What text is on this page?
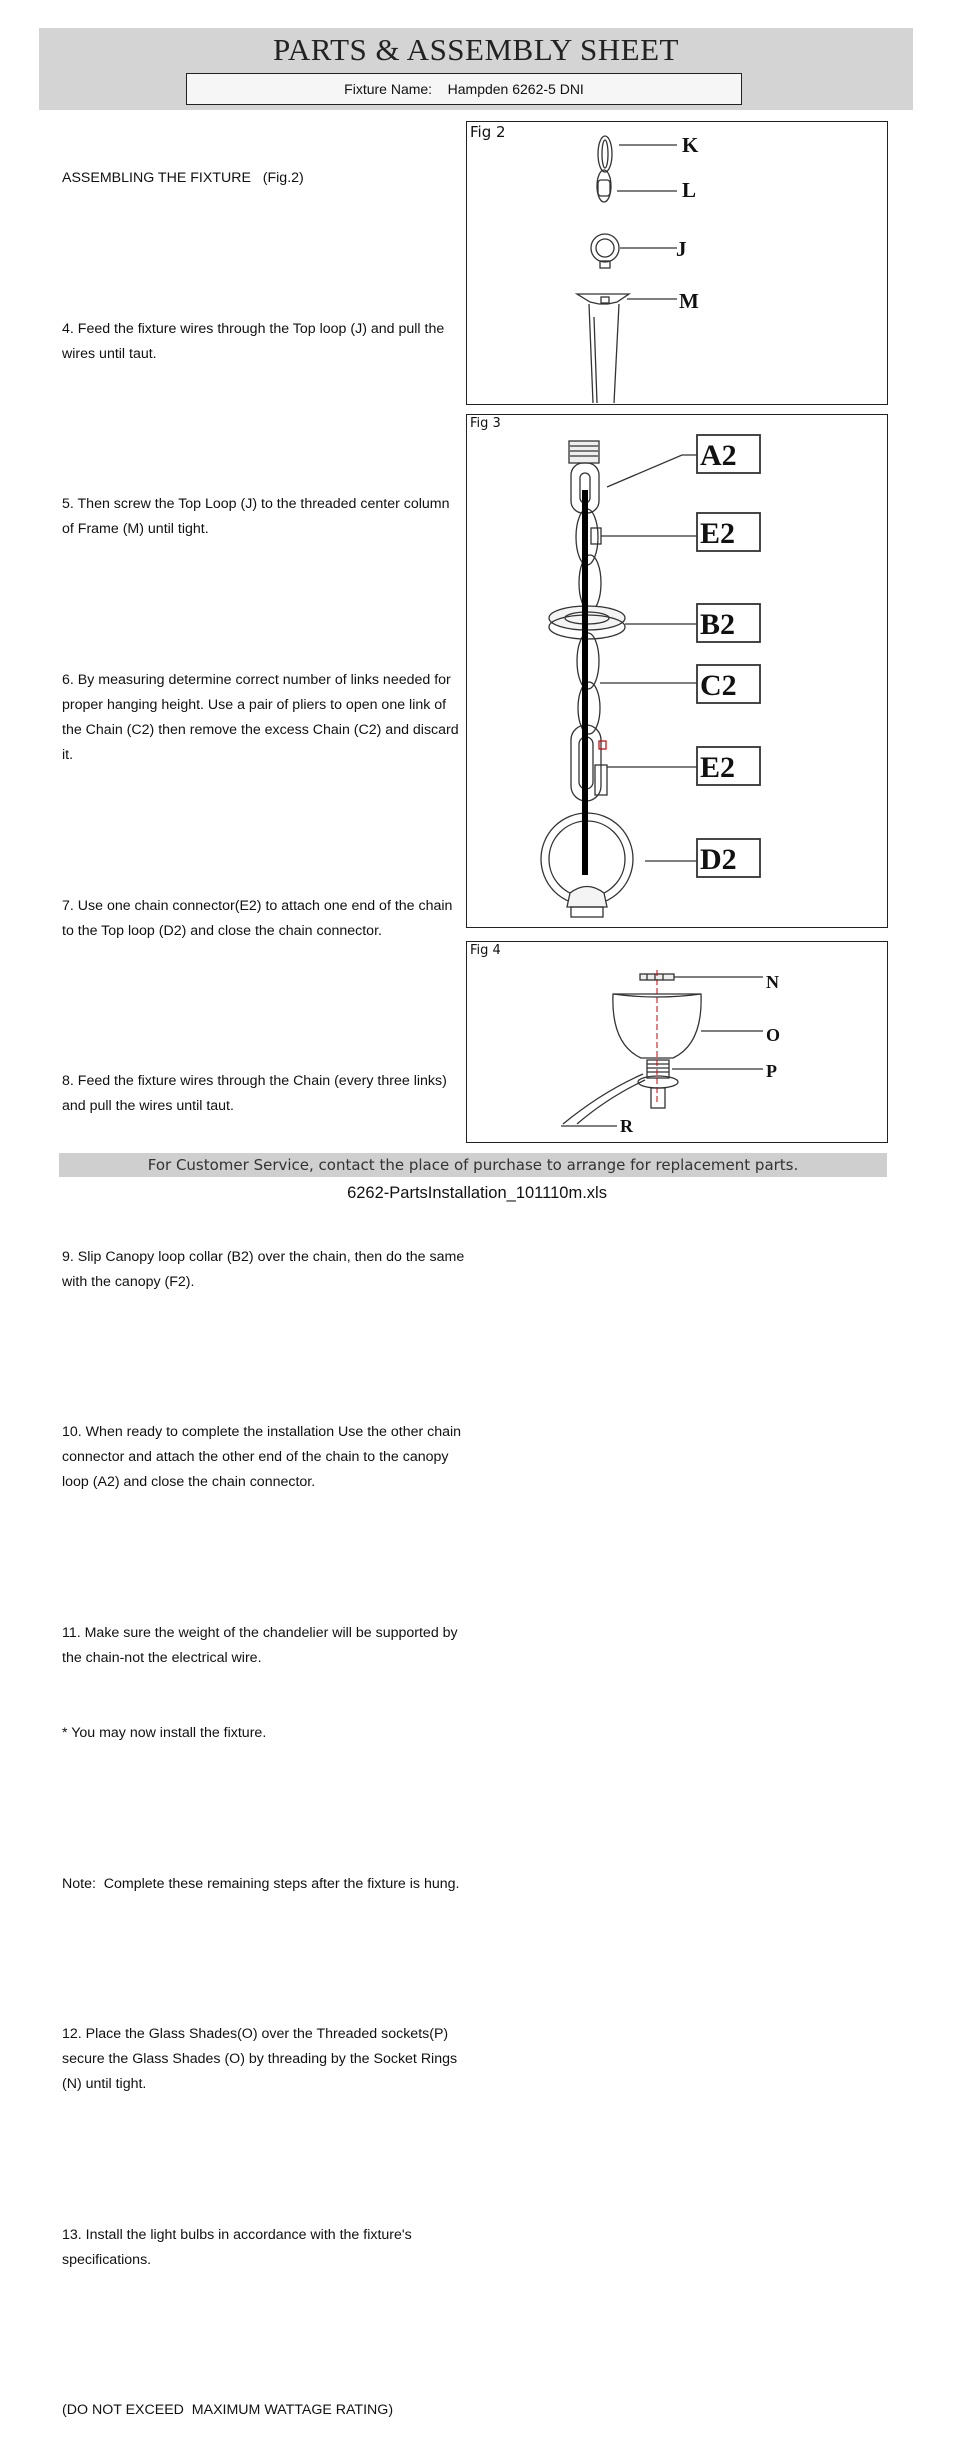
PARTS & ASSEMBLY SHEET
Fixture Name: Hampden 6262-5 DNI

ASSEMBLING THE FIXTURE   (Fig.2)

4. Feed the fixture wires through the Top loop (J) and pull the wires until taut.

5. Then screw the Top Loop (J) to the threaded center column  of Frame (M) until tight.

6. By measuring determine correct number of links needed for proper hanging height. Use a pair of pliers to open one link of the Chain (C2) then remove the excess Chain (C2) and discard it.

7. Use one chain connector(E2) to attach one end of the chain to the Top loop (D2) and close the chain connector.

8. Feed the fixture wires through the Chain (every three links) and pull the wires until taut.

9. Slip Canopy loop collar (B2) over the chain, then do the same with the canopy (F2).

10. When ready to complete the installation Use the other chain connector and attach the other end of the chain to the canopy loop (A2) and close the chain connector.

11. Make sure the weight of the chandelier will be supported by the chain-not the electrical wire.

* You may now install the fixture.

Note:  Complete these remaining steps after the fixture is hung.

12. Place the Glass Shades(O) over the Threaded sockets(P) secure the Glass Shades (O) by threading by the Socket Rings (N) until tight.

13. Install the light bulbs in accordance with the fixture's specifications.

(DO NOT EXCEED  MAXIMUM WATTAGE RATING)

Fig 2
K
L
J
M
Fig 3
A2
E2
B2
C2
E2
D2
Fig 4
N
O
P
R
For Customer Service, contact the place of purchase to arrange for replacement parts.
6262-PartsInstallation_101110m.xls
